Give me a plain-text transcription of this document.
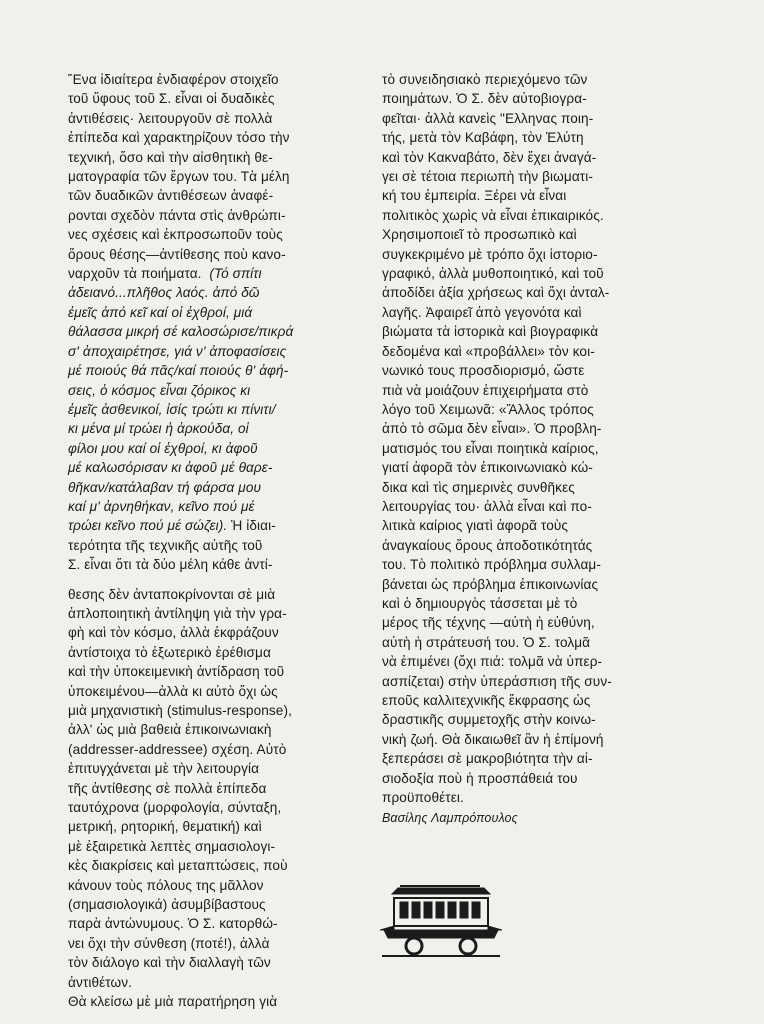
῞Ενα ἰδιαίτερα ἐνδιαφέρον στοιχεῖο
τοῦ ὕφους τοῦ Σ. εἶναι οἱ δυαδικὲς
ἀντιθέσεις· λειτουργοῦν σὲ πολλὰ
ἐπίπεδα καὶ χαρακτηρίζουν τόσο τὴν
τεχνική, ὅσο καὶ τὴν αἰσθητικὴ θε-
ματογραφία τῶν ἔργων του. Τὰ μέλη
τῶν δυαδικῶν ἀντιθέσεων ἀναφέ-
ρονται σχεδὸν πάντα στὶς ἀνθρώπι-
νες σχέσεις καὶ ἐκπροσωποῦν τοὺς
ὅρους θέσης—ἀντίθεσης ποὺ κανο-
ναρχοῦν τὰ ποιήματα. (Τό σπίτι
ἀδειανό...πλῆθος λαός. ἀπό δῶ
ἐμεῖς ἀπό κεῖ καί οἱ ἐχθροί, μιά
θάλασσα μικρή σέ καλοσώρισε/πικρά
σ' ἀποχαιρέτησε, γιά ν' ἀποφασίσεις
μέ ποιούς θά πᾶς/καί ποιούς θ' ἀφή-
σεις, ὁ κόσμος εἶναι ζόρικος κι
ἐμεῖς ἀσθενικοί, ἰσίς τρώτι κι πίνιτι/
κι μένα μί τρώει ἡ ἀρκούδα, οἱ
φίλοι μου καί οἱ ἐχθροί, κι ἀφοῦ
μέ καλωσόρισαν κι ἀφοῦ μέ θαρε-
θῆκαν/κατάλαβαν τή φάρσα μου
καί μ' ἀρνηθήκαν, κεῖνο πού μέ
τρώει κεῖνο πού μέ σώζει). Ἡ ἰδιαι-
τερότητα τῆς τεχνικῆς αὐτῆς τοῦ
Σ. εἶναι ὅτι τὰ δύο μέλη κάθε ἀντί-

θεσης δὲν ἀνταποκρίνονται σὲ μιὰ
ἁπλοποιητικὴ ἀντίληψη γιὰ τὴν γρα-
φὴ καὶ τὸν κόσμο, ἀλλὰ ἐκφράζουν
ἀντίστοιχα τὸ ἐξωτερικὸ ἐρέθισμα
καὶ τὴν ὑποκειμενικὴ ἀντίδραση τοῦ
ὑποκειμένου—ἀλλὰ κι αὐτὸ ὄχι ὡς
μιὰ μηχανιστικὴ (stimulus-response),
ἀλλ' ὡς μιὰ βαθειὰ ἐπικοινωνιακὴ
(addresser-addressee) σχέση. Αὐτὸ
ἐπιτυγχάνεται μὲ τὴν λειτουργία
τῆς ἀντίθεσης σὲ πολλὰ ἐπίπεδα
ταυτόχρονα (μορφολογία, σύνταξη,
μετρική, ρητορική, θεματική) καὶ
μὲ ἐξαιρετικὰ λεπτὲς σημασιολογι-
κὲς διακρίσεις καὶ μεταπτώσεις, ποὺ
κάνουν τοὺς πόλους της μᾶλλον
(σημασιολογικά) ἀσυμβίβαστους
παρὰ ἀντώνυμους. Ὁ Σ. κατορθώ-
νει ὄχι τὴν σύνθεση (ποτέ!), ἀλλὰ
τὸν διάλογο καὶ τὴν διαλλαγὴ τῶν
ἀντιθέτων.
Θὰ κλείσω μὲ μιὰ παρατήρηση γιὰ

τὸ συνειδησιακὸ περιεχόμενο τῶν
ποιημάτων. Ὁ Σ. δὲν αὐτοβιογρα-
φεῖται· ἀλλὰ κανεὶς "Ελληνας ποιη-
τής, μετὰ τὸν Καβάφη, τὸν Ἐλύτη
καὶ τὸν Κακναβάτο, δὲν ἔχει ἀναγά-
γει σὲ τέτοια περιωπὴ τὴν βιωματι-
κή του ἐμπειρία. Ξέρει νὰ εἶναι
πολιτικὸς χωρὶς νὰ εἶναι ἐπικαιρικός.
Χρησιμοποιεῖ τὸ προσωπικὸ καὶ
συγκεκριμένο μὲ τρόπο ὄχι ἱστοριο-
γραφικό, ἀλλὰ μυθοποιητικό, καὶ τοῦ
ἀποδίδει ἀξία χρήσεως καὶ ὄχι ἀνταλ-
λαγῆς. Ἀφαιρεῖ ἀπὸ γεγονότα καὶ
βιώματα τὰ ἱστορικὰ καὶ βιογραφικὰ
δεδομένα καὶ «προβάλλει» τὸν κοι-
νωνικό τους προσδιορισμό, ὥστε
πιὰ νὰ μοιάζουν ἐπιχειρήματα στὸ
λόγο τοῦ Χειμωνᾶ: «Ἄλλος τρόπος
ἀπὸ τὸ σῶμα δὲν εἶναι». Ὁ προβλη-
ματισμός του εἶναι ποιητικὰ καίριος,
γιατί ἀφορᾶ τὸν ἐπικοινωνιακὸ κώ-
δικα καὶ τὶς σημερινὲς συνθῆκες
λειτουργίας του· ἀλλὰ εἶναι καὶ πο-
λιτικὰ καίριος γιατὶ ἀφορᾶ τοὺς
ἀναγκαίους ὅρους ἀποδοτικότητάς
του. Τὸ πολιτικὸ πρόβλημα συλλαμ-
βάνεται ὡς πρόβλημα ἐπικοινωνίας
καὶ ὁ δημιουργὸς τάσσεται μὲ τὸ
μέρος τῆς τέχνης —αὐτὴ ἡ εὐθύνη,
αὐτὴ ἡ στράτευσή του. Ὁ Σ. τολμᾶ
νὰ ἐπιμένει (ὄχι πιά: τολμᾶ νὰ ὑπερ-
ασπίζεται) στὴν ὑπεράσπιση τῆς συν-
εποῦς καλλιτεχνικῆς ἔκφρασης ὡς
δραστικῆς συμμετοχῆς στὴν κοινω-
νικὴ ζωή. Θὰ δικαιωθεῖ ἂν ἡ ἐπίμονή
ξεπεράσει σὲ μακροβιότητα τὴν αἰ-
σιοδοξία ποὺ ἡ προσπάθειά του
προϋποθέτει.

Βασίλης Λαμπρόπουλος
